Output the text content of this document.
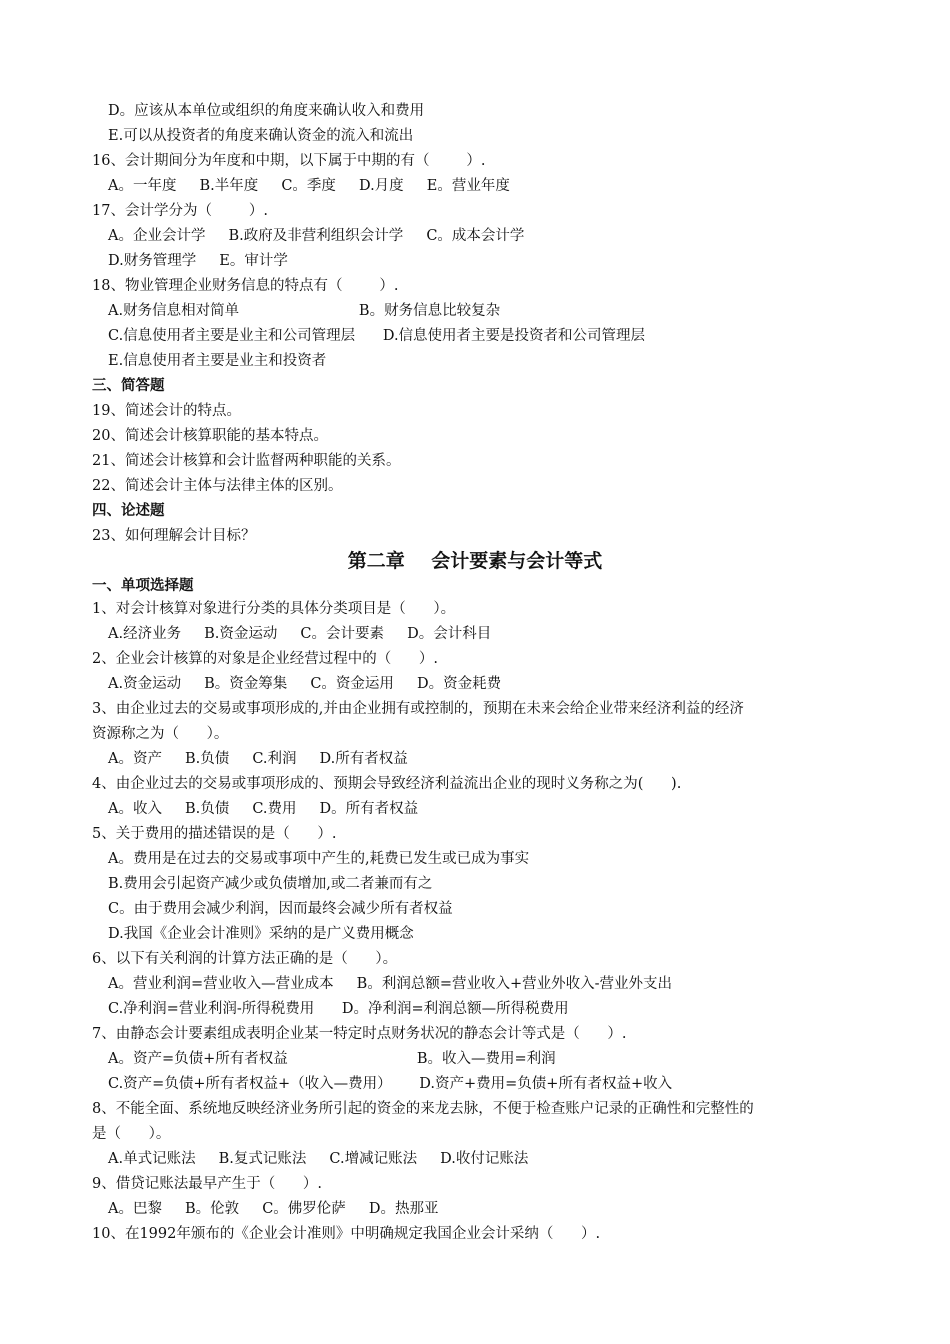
D。应该从本单位或组织的角度来确认收入和费用
E.可以从投资者的角度来确认资金的流入和流出
16、会计期间分为年度和中期，以下属于中期的有（        ）.
A。一年度     B.半年度     C。季度     D.月度     E。营业年度
17、会计学分为（        ）.
A。企业会计学     B.政府及非营利组织会计学     C。成本会计学
D.财务管理学     E。审计学
18、物业管理企业财务信息的特点有（        ）.
A.财务信息相对简单                          B。财务信息比较复杂
C.信息使用者主要是业主和公司管理层      D.信息使用者主要是投资者和公司管理层
E.信息使用者主要是业主和投资者
三、简答题
19、简述会计的特点。
20、简述会计核算职能的基本特点。
21、简述会计核算和会计监督两种职能的关系。
22、简述会计主体与法律主体的区别。
四、论述题
23、如何理解会计目标？
第二章    会计要素与会计等式
一、单项选择题
1、对会计核算对象进行分类的具体分类项目是（      ）。
A.经济业务     B.资金运动     C。会计要素     D。会计科目
2、企业会计核算的对象是企业经营过程中的（      ）.
A.资金运动     B。资金筹集     C。资金运用     D。资金耗费
3、由企业过去的交易或事项形成的,并由企业拥有或控制的，预期在未来会给企业带来经济利益的经济
资源称之为（      ）。
A。资产     B.负债     C.利润     D.所有者权益
4、由企业过去的交易或事项形成的、预期会导致经济利益流出企业的现时义务称之为(      ).
A。收入     B.负债     C.费用     D。所有者权益
5、关于费用的描述错误的是（      ）.
A。费用是在过去的交易或事项中产生的,耗费已发生或已成为事实
B.费用会引起资产减少或负债增加,或二者兼而有之
C。由于费用会减少利润，因而最终会减少所有者权益
D.我国《企业会计准则》采纳的是广义费用概念
6、以下有关利润的计算方法正确的是（      ）。
A。营业利润=营业收入—营业成本     B。利润总额=营业收入+营业外收入-营业外支出
C.净利润=营业利润-所得税费用      D。净利润=利润总额—所得税费用
7、由静态会计要素组成表明企业某一特定时点财务状况的静态会计等式是（      ）.
A。资产=负债+所有者权益                            B。收入—费用=利润
C.资产=负债+所有者权益+（收入—费用）      D.资产+费用=负债+所有者权益+收入
8、不能全面、系统地反映经济业务所引起的资金的来龙去脉，不便于检查账户记录的正确性和完整性的
是（      ）。
A.单式记账法     B.复式记账法     C.增减记账法     D.收付记账法
9、借贷记账法最早产生于（      ）.
A。巴黎     B。伦敦     C。佛罗伦萨     D。热那亚
10、在1992年颁布的《企业会计准则》中明确规定我国企业会计采纳（      ）.
